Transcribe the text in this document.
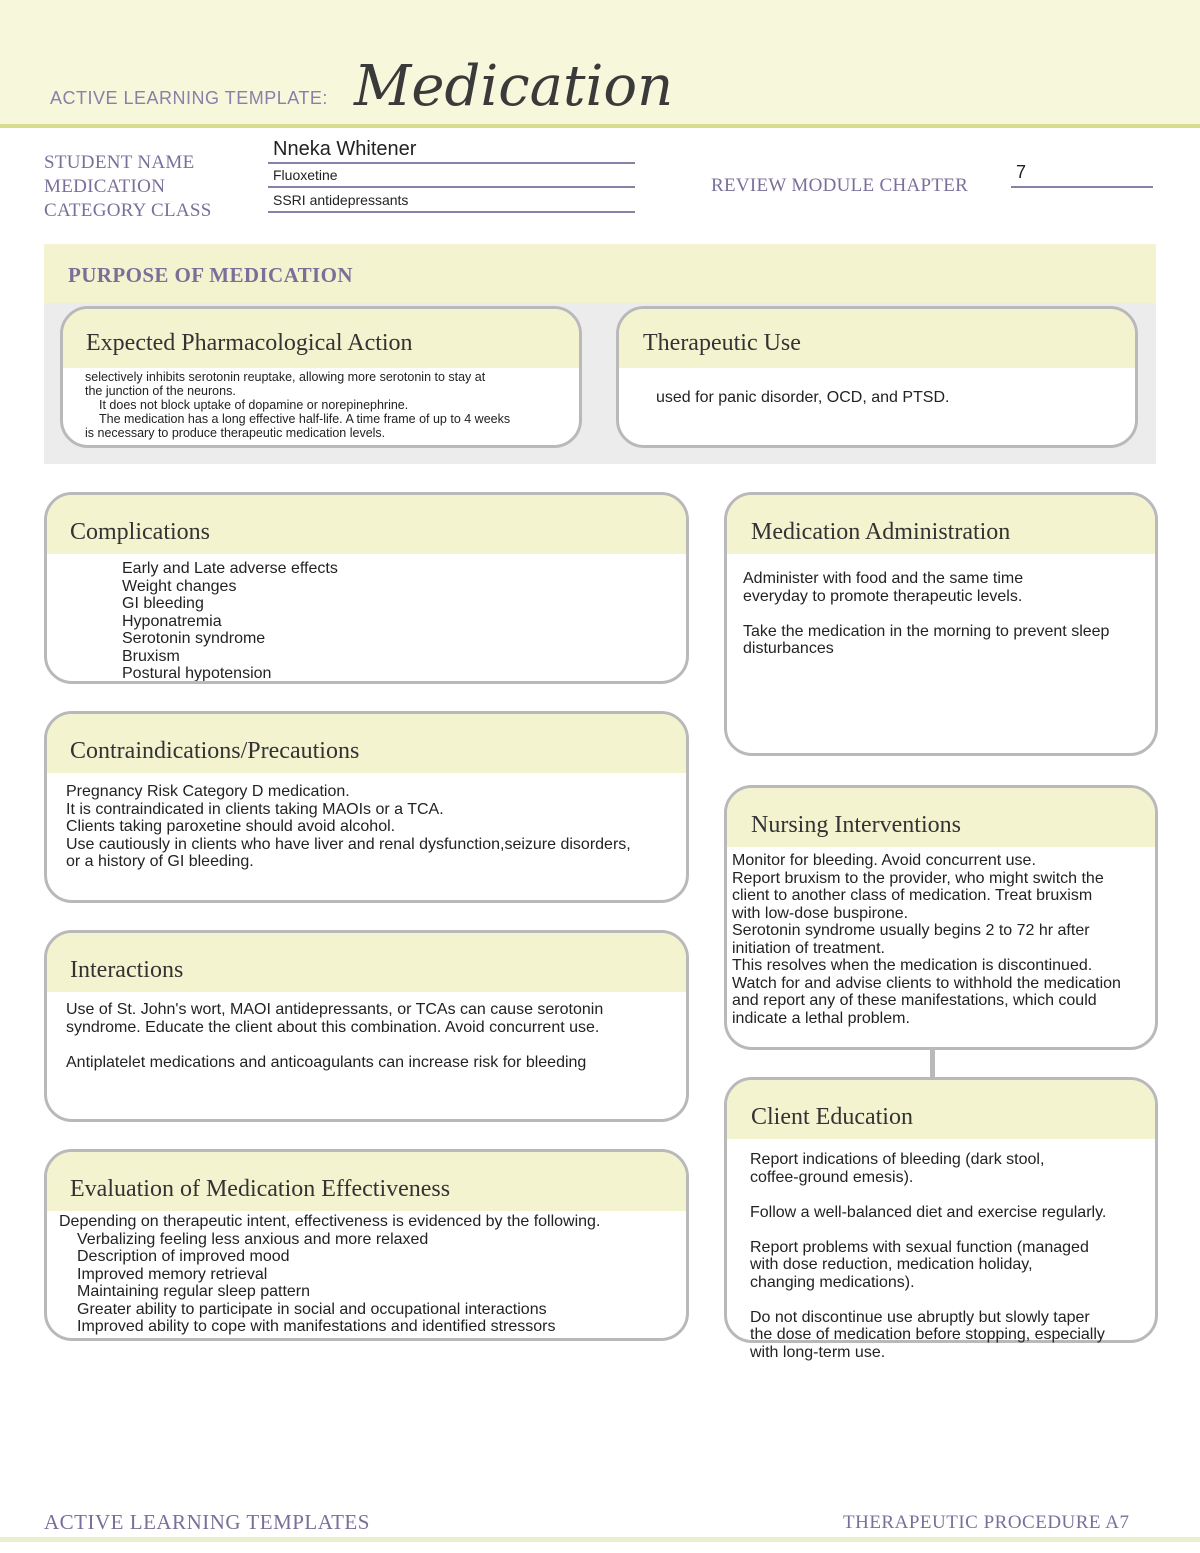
ACTIVE LEARNING TEMPLATE: Medication
STUDENT NAME
MEDICATION
CATEGORY CLASS
Nneka Whitener
Fluoxetine
SSRI antidepressants
REVIEW MODULE CHAPTER
7
PURPOSE OF MEDICATION
Expected Pharmacological Action
selectively inhibits serotonin reuptake, allowing more serotonin to stay at
the junction of the neurons.
It does not block uptake of dopamine or norepinephrine.
The medication has a long effective half-life. A time frame of up to 4 weeks
is necessary to produce therapeutic medication levels.
Therapeutic Use
used for panic disorder, OCD, and PTSD.
Complications
Early and Late adverse effects
Weight changes
GI bleeding
Hyponatremia
Serotonin syndrome
Bruxism
Postural hypotension
Medication Administration
Administer with food and the same time
everyday to promote therapeutic levels.
Take the medication in the morning to prevent sleep
disturbances
Contraindications/Precautions
Pregnancy Risk Category D medication.
It is contraindicated in clients taking MAOIs or a TCA.
Clients taking paroxetine should avoid alcohol.
Use cautiously in clients who have liver and renal dysfunction,seizure disorders,
or a history of GI bleeding.
Nursing Interventions
Monitor for bleeding. Avoid concurrent use.
Report bruxism to the provider, who might switch the
client to another class of medication. Treat bruxism
with low-dose buspirone.
Serotonin syndrome usually begins 2 to 72 hr after
initiation of treatment.
This resolves when the medication is discontinued.
Watch for and advise clients to withhold the medication
and report any of these manifestations, which could
indicate a lethal problem.
Interactions
Use of St. John's wort, MAOI antidepressants, or TCAs can cause serotonin
syndrome. Educate the client about this combination. Avoid concurrent use.
Antiplatelet medications and anticoagulants can increase risk for bleeding
Client Education
Report indications of bleeding (dark stool,
coffee-ground emesis).
Follow a well-balanced diet and exercise regularly.
Report problems with sexual function (managed
with dose reduction, medication holiday,
changing medications).
Do not discontinue use abruptly but slowly taper
the dose of medication before stopping, especially
with long-term use.
Evaluation of Medication Effectiveness
Depending on therapeutic intent, effectiveness is evidenced by the following.
Verbalizing feeling less anxious and more relaxed
Description of improved mood
Improved memory retrieval
Maintaining regular sleep pattern
Greater ability to participate in social and occupational interactions
Improved ability to cope with manifestations and identified stressors
ACTIVE LEARNING TEMPLATES	THERAPEUTIC PROCEDURE A7
